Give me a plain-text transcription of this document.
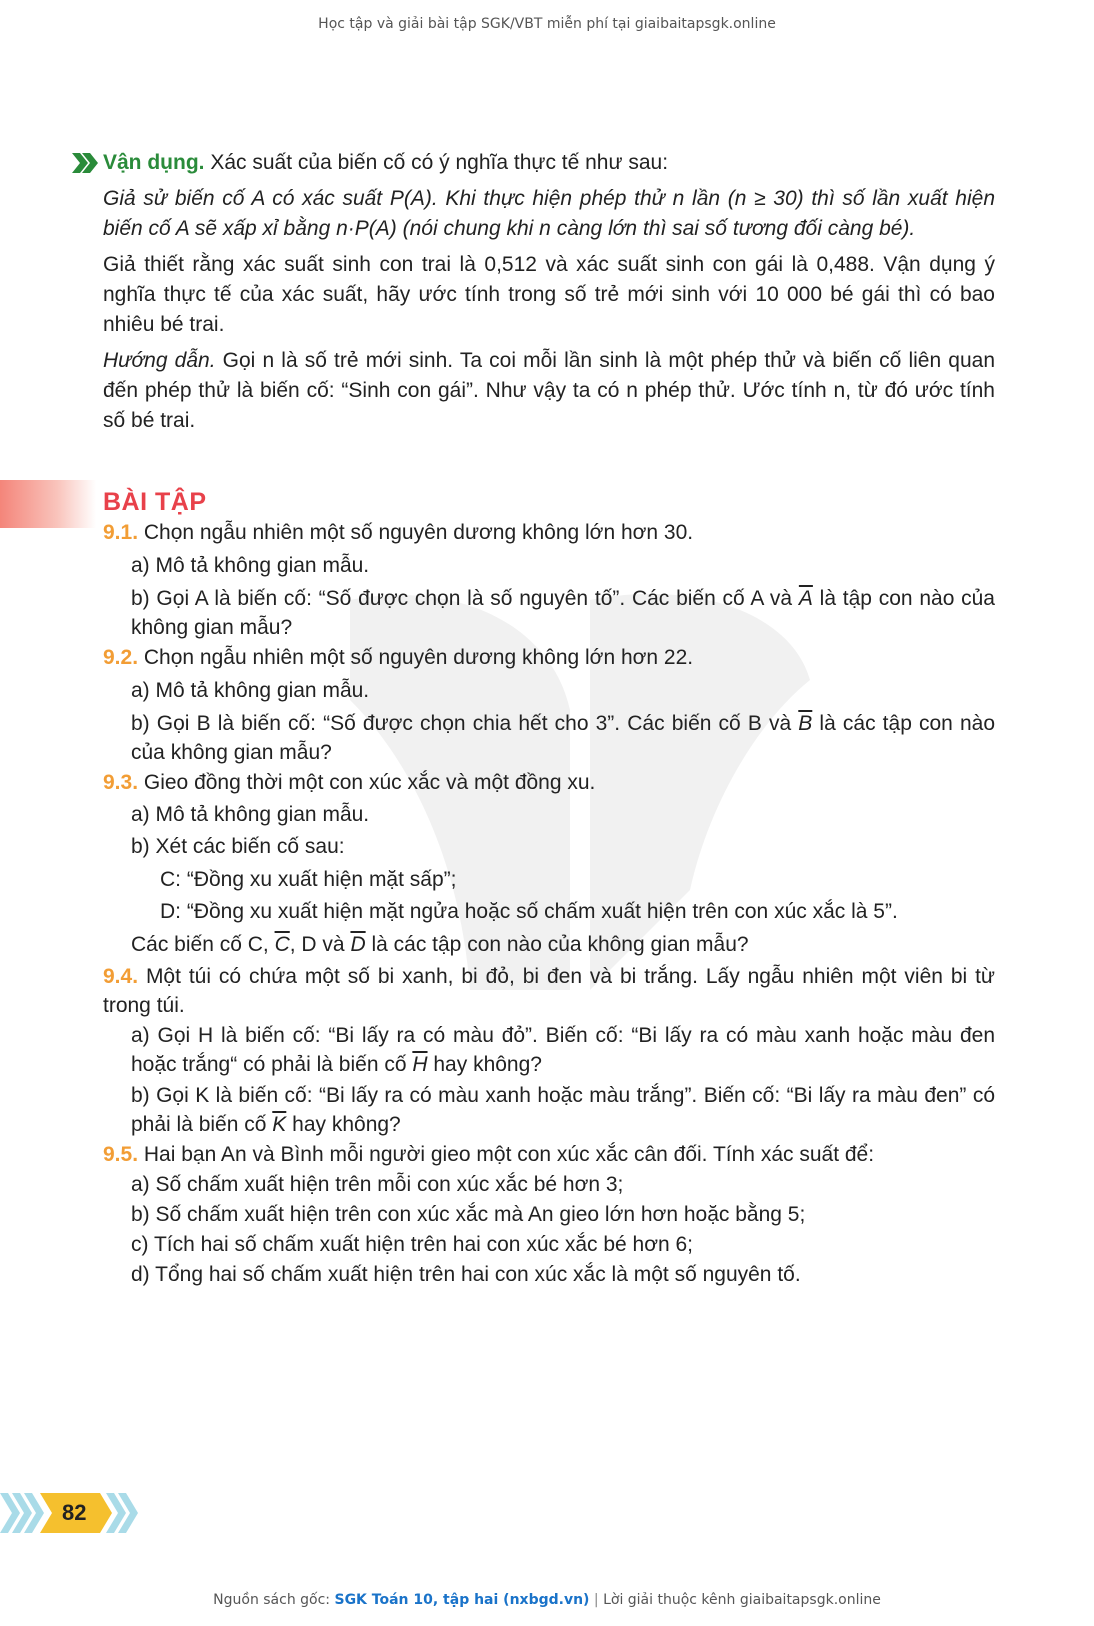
Học tập và giải bài tập SGK/VBT miễn phí tại giaibaitapsgk.online

Vận dụng. Xác suất của biến cố có ý nghĩa thực tế như sau:

Giả sử biến cố A có xác suất P(A). Khi thực hiện phép thử n lần (n ≥ 30) thì số lần xuất hiện biến cố A sẽ xấp xỉ bằng n·P(A) (nói chung khi n càng lớn thì sai số tương đối càng bé).

Giả thiết rằng xác suất sinh con trai là 0,512 và xác suất sinh con gái là 0,488. Vận dụng ý nghĩa thực tế của xác suất, hãy ước tính trong số trẻ mới sinh với 10 000 bé gái thì có bao nhiêu bé trai.

Hướng dẫn. Gọi n là số trẻ mới sinh. Ta coi mỗi lần sinh là một phép thử và biến cố liên quan đến phép thử là biến cố: “Sinh con gái”. Như vậy ta có n phép thử. Ước tính n, từ đó ước tính số bé trai.

BÀI TẬP
9.1. Chọn ngẫu nhiên một số nguyên dương không lớn hơn 30.
a) Mô tả không gian mẫu.
b) Gọi A là biến cố: “Số được chọn là số nguyên tố”. Các biến cố A và $\overline{A}$ là tập con nào của không gian mẫu?
9.2. Chọn ngẫu nhiên một số nguyên dương không lớn hơn 22.
a) Mô tả không gian mẫu.
b) Gọi B là biến cố: “Số được chọn chia hết cho 3”. Các biến cố B và $\overline{B}$ là các tập con nào của không gian mẫu?
9.3. Gieo đồng thời một con xúc xắc và một đồng xu.
a) Mô tả không gian mẫu.
b) Xét các biến cố sau:
C: “Đồng xu xuất hiện mặt sấp”;
D: “Đồng xu xuất hiện mặt ngửa hoặc số chấm xuất hiện trên con xúc xắc là 5”.
Các biến cố C, $\overline{C}$, D và $\overline{D}$ là các tập con nào của không gian mẫu?
9.4. Một túi có chứa một số bi xanh, bi đỏ, bi đen và bi trắng. Lấy ngẫu nhiên một viên bi từ trong túi.
a) Gọi H là biến cố: “Bi lấy ra có màu đỏ”. Biến cố: “Bi lấy ra có màu xanh hoặc màu đen hoặc trắng“ có phải là biến cố $\overline{H}$ hay không?
b) Gọi K là biến cố: “Bi lấy ra có màu xanh hoặc màu trắng”. Biến cố: “Bi lấy ra màu đen” có phải là biến cố $\overline{K}$ hay không?
9.5. Hai bạn An và Bình mỗi người gieo một con xúc xắc cân đối. Tính xác suất để:
a) Số chấm xuất hiện trên mỗi con xúc xắc bé hơn 3;
b) Số chấm xuất hiện trên con xúc xắc mà An gieo lớn hơn hoặc bằng 5;
c) Tích hai số chấm xuất hiện trên hai con xúc xắc bé hơn 6;
d) Tổng hai số chấm xuất hiện trên hai con xúc xắc là một số nguyên tố.
82
Nguồn sách gốc: SGK Toán 10, tập hai (nxbgd.vn) | Lời giải thuộc kênh giaibaitapsgk.online
